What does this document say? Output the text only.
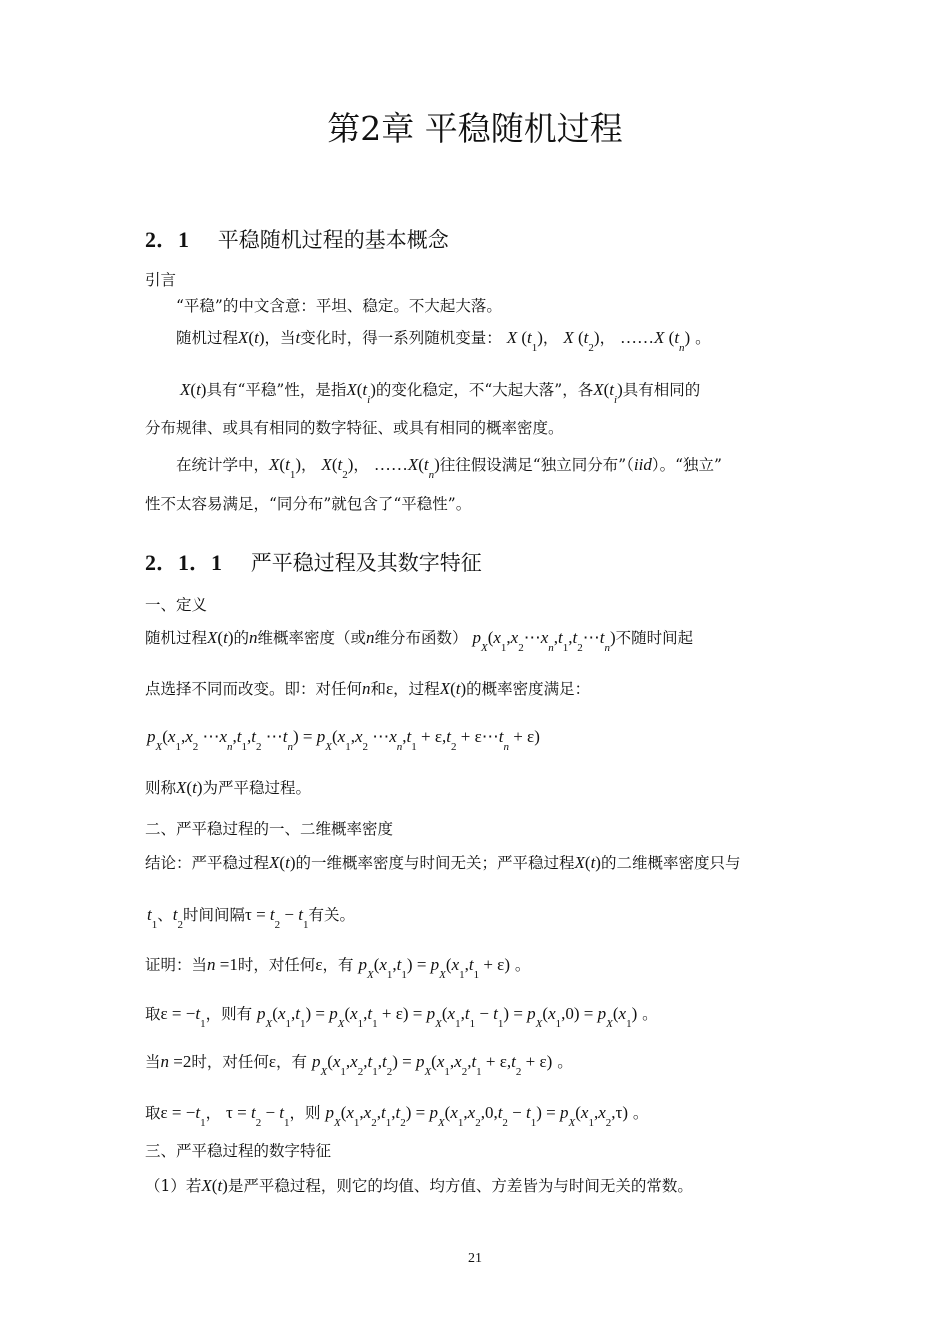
第2章 平稳随机过程
2．1 平稳随机过程的基本概念
引言
“平稳”的中文含意：平坦、稳定。不大起大落。
随机过程X(t)，当t变化时，得一系列随机变量： X $(t_1)$， X $(t_2)$， ……X $(t_n)$ 。
X(t)具有“平稳”性，是指$X(t_i)$的变化稳定，不“大起大落”，各$X(t_i)$具有相同的
分布规律、或具有相同的数字特征、或具有相同的概率密度。
在统计学中，$X(t_1)$， $X(t_2)$， $\dots\dots X(t_n)$往往假设满足“独立同分布”（iid）。“独立”
性不太容易满足，“同分布”就包含了“平稳性”。
2．1．1 严平稳过程及其数字特征
一、定义
随机过程X(t)的n维概率密度（或n维分布函数） $p_X(x_1,x_2\cdots x_n,t_1,t_2\cdots t_n)$不随时间起
点选择不同而改变。即：对任何n和ε，过程X(t)的概率密度满足：
$p_X(x_1,x_2$ $\cdots x_n,t_1,t_2$ $\cdots t_n) = p_X(x_1,x_2$ $\cdots x_n,t_1 + \varepsilon,t_2$ + $\varepsilon\cdots t_n + \varepsilon$)
则称X(t)为严平稳过程。
二、严平稳过程的一、二维概率密度
结论：严平稳过程X(t)的一维概率密度与时间无关；严平稳过程X(t)的二维概率密度只与
$t_1$、$t_2$时间间隔$\tau = t_2 - t_1$有关。
证明：当n =1时，对任何ε，有 $p_X(x_1,t_1) = p_X(x_1,t_1 + \varepsilon)$ 。
取$\varepsilon = -t_1$，则有 $p_X(x_1,t_1) = p_X(x_1,t_1 + \varepsilon) = p_X(x_1,t_1 - t_1) = p_X(x_1,0) = p_X(x_1)$ 。
当n =2时，对任何ε，有 $p_X(x_1,x_2,t_1,t_2) = p_X(x_1,x_2,t_1 + \varepsilon,t_2 + \varepsilon)$ 。
取$\varepsilon = -t_1$， $\tau = t_2 - t_1$，则 $p_X(x_1,x_2,t_1,t_2) = p_X(x_1,x_2,0,t_2 - t_1) = p_X(x_1,x_2,\tau)$ 。
三、严平稳过程的数字特征
（1）若X(t)是严平稳过程，则它的均值、均方值、方差皆为与时间无关的常数。
21
